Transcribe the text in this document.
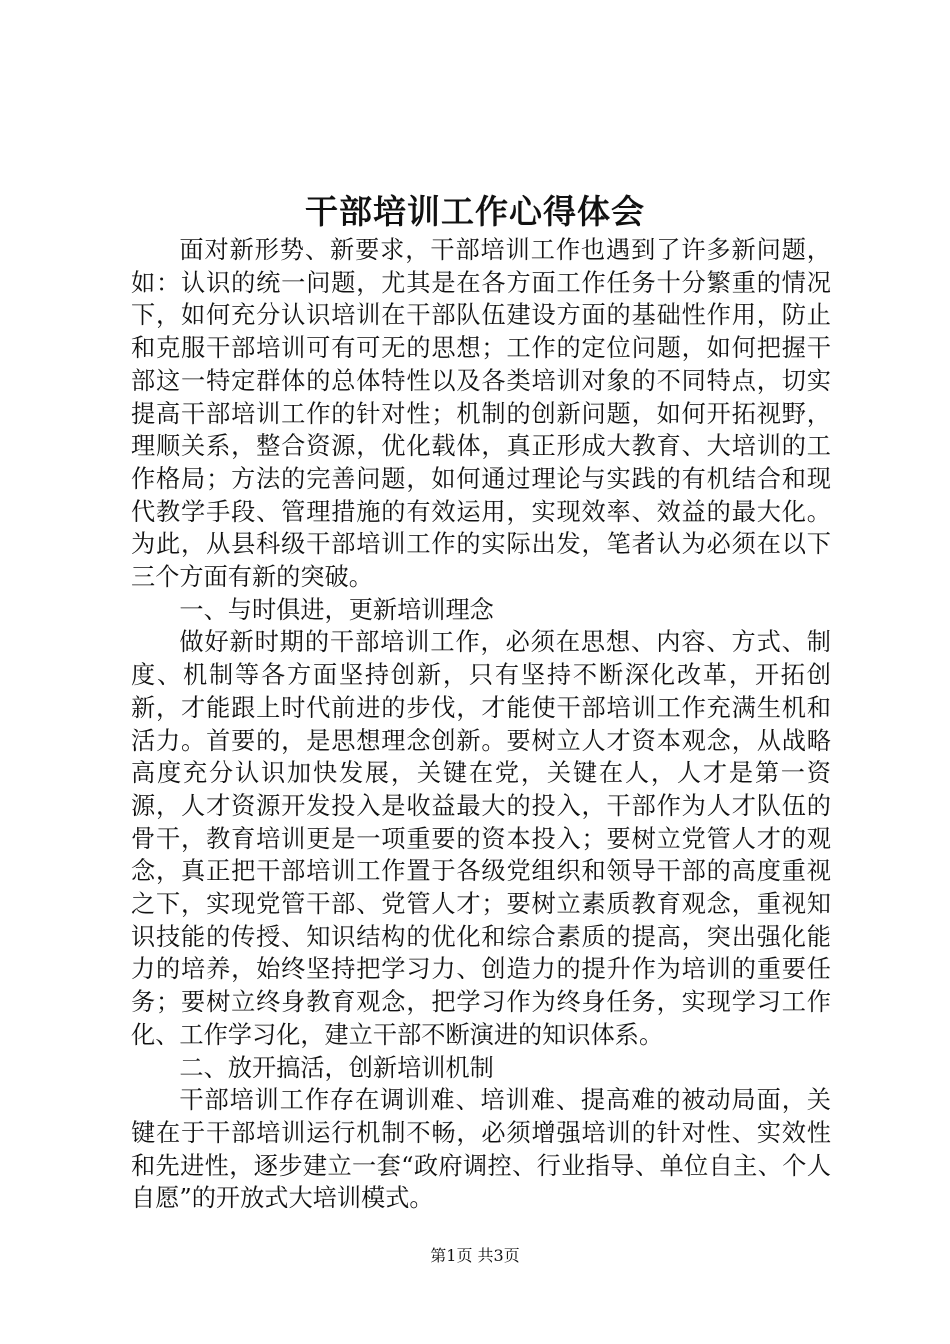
干部培训工作心得体会

面对新形势、新要求，干部培训工作也遇到了许多新问题，如：认识的统一问题，尤其是在各方面工作任务十分繁重的情况下，如何充分认识培训在干部队伍建设方面的基础性作用，防止和克服干部培训可有可无的思想；工作的定位问题，如何把握干部这一特定群体的总体特性以及各类培训对象的不同特点，切实提高干部培训工作的针对性；机制的创新问题，如何开拓视野，理顺关系，整合资源，优化载体，真正形成大教育、大培训的工作格局；方法的完善问题，如何通过理论与实践的有机结合和现代教学手段、管理措施的有效运用，实现效率、效益的最大化。为此，从县科级干部培训工作的实际出发，笔者认为必须在以下三个方面有新的突破。

一、与时俱进，更新培训理念

做好新时期的干部培训工作，必须在思想、内容、方式、制度、机制等各方面坚持创新，只有坚持不断深化改革，开拓创新，才能跟上时代前进的步伐，才能使干部培训工作充满生机和活力。首要的，是思想理念创新。要树立人才资本观念，从战略高度充分认识加快发展，关键在党，关键在人，人才是第一资源，人才资源开发投入是收益最大的投入，干部作为人才队伍的骨干，教育培训更是一项重要的资本投入；要树立党管人才的观念，真正把干部培训工作置于各级党组织和领导干部的高度重视之下，实现党管干部、党管人才；要树立素质教育观念，重视知识技能的传授、知识结构的优化和综合素质的提高，突出强化能力的培养，始终坚持把学习力、创造力的提升作为培训的重要任务；要树立终身教育观念，把学习作为终身任务，实现学习工作化、工作学习化，建立干部不断演进的知识体系。

二、放开搞活，创新培训机制

干部培训工作存在调训难、培训难、提高难的被动局面，关键在于干部培训运行机制不畅，必须增强培训的针对性、实效性和先进性，逐步建立一套“政府调控、行业指导、单位自主、个人自愿”的开放式大培训模式。

第1页 共3页
